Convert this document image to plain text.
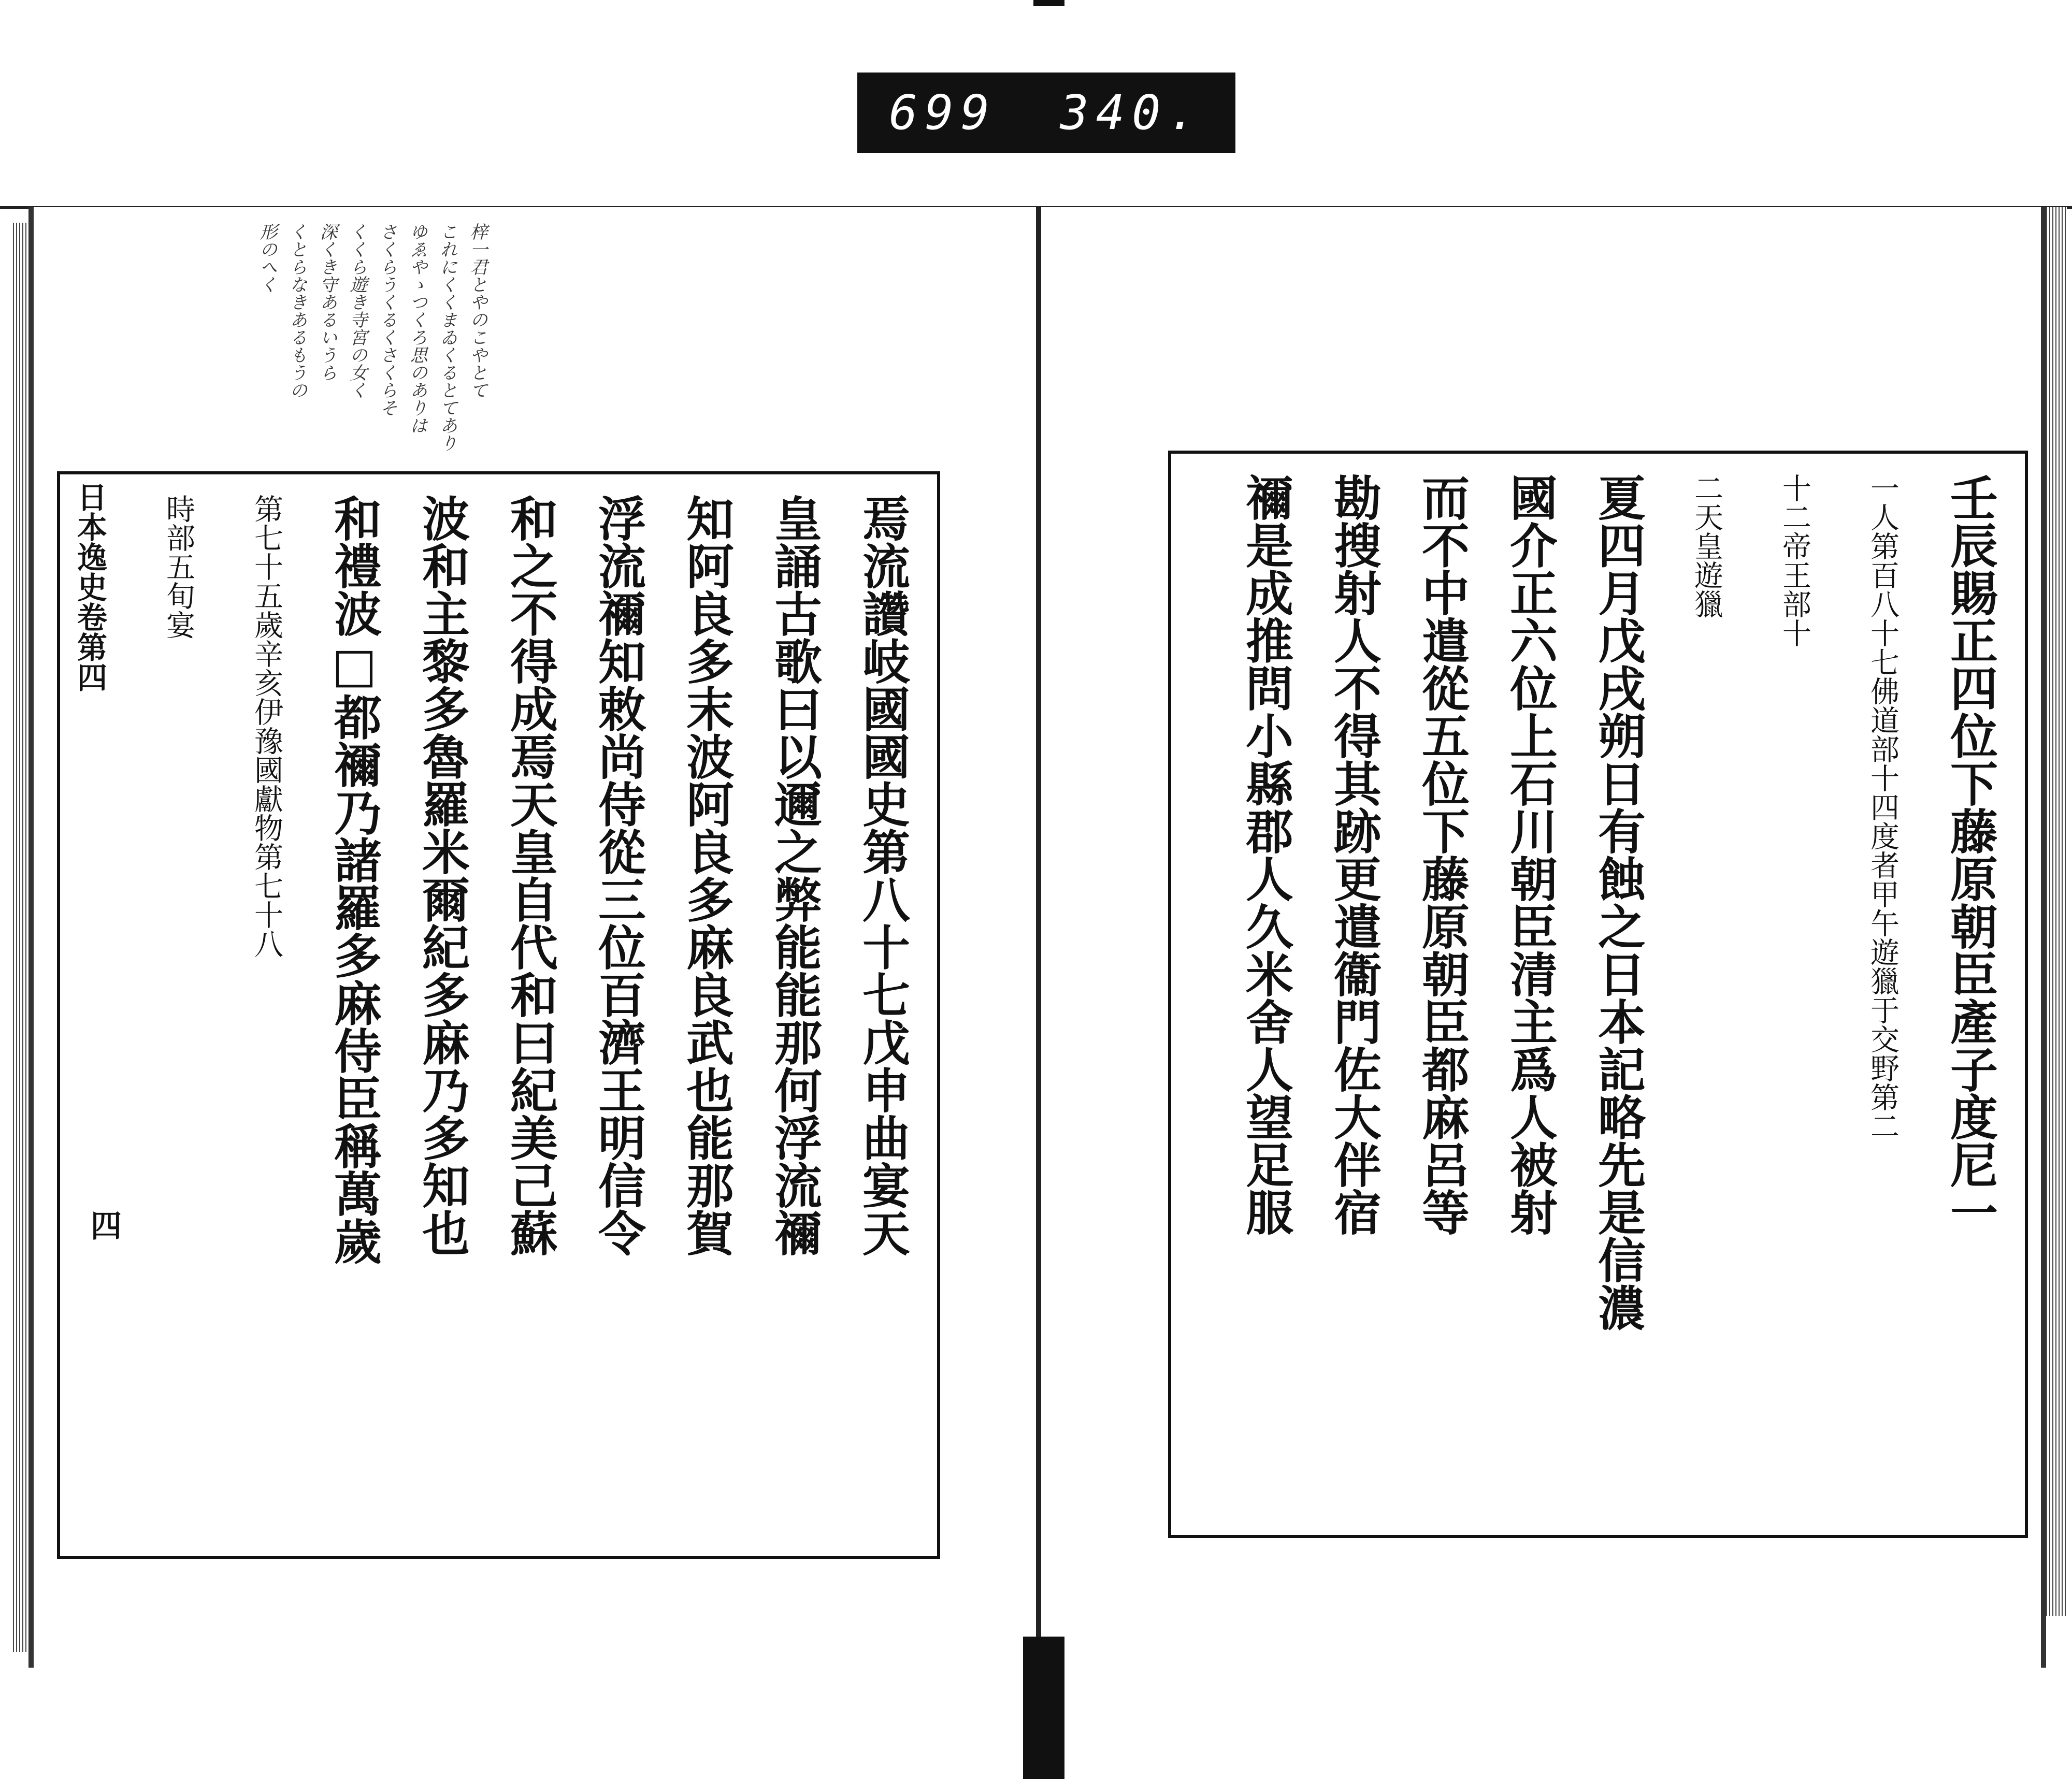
699 340.
梓一君とやのこやとて
これにくくまゐくるとてあり
ゆゑやゝつくろ思のありは
さくらうくるくさくらそ
くくら遊き寺宮の女く
深くき守あるいうら
くとらなきあるもうの
形のへく
焉流讚岐國國史第八十七戊申曲宴天
皇誦古歌曰以邇之弊能能那何浮流禰
知阿良多末波阿良多麻良武也能那賀
浮流禰知敕尚侍從三位百濟王明信令
和之不得成焉天皇自代和曰紀美己蘇
波和主黎多魯羅米爾紀多麻乃多知也
和禮波□都禰乃諸羅多麻侍臣稱萬歲
第七十五歲辛亥伊豫國獻物第七十八
時部五旬宴
日本逸史卷第四
四	壬辰賜正四位下藤原朝臣產子度尼一
一人第百八十七佛道部十四度者甲午遊獵于交野第二
十二帝王部十
二天皇遊獵
夏四月戊戌朔日有蝕之日本記略先是信濃
國介正六位上石川朝臣清主爲人被射
而不中遣從五位下藤原朝臣都麻呂等
勘搜射人不得其跡更遣衞門佐大伴宿
禰是成推問小縣郡人久米舍人望足服
